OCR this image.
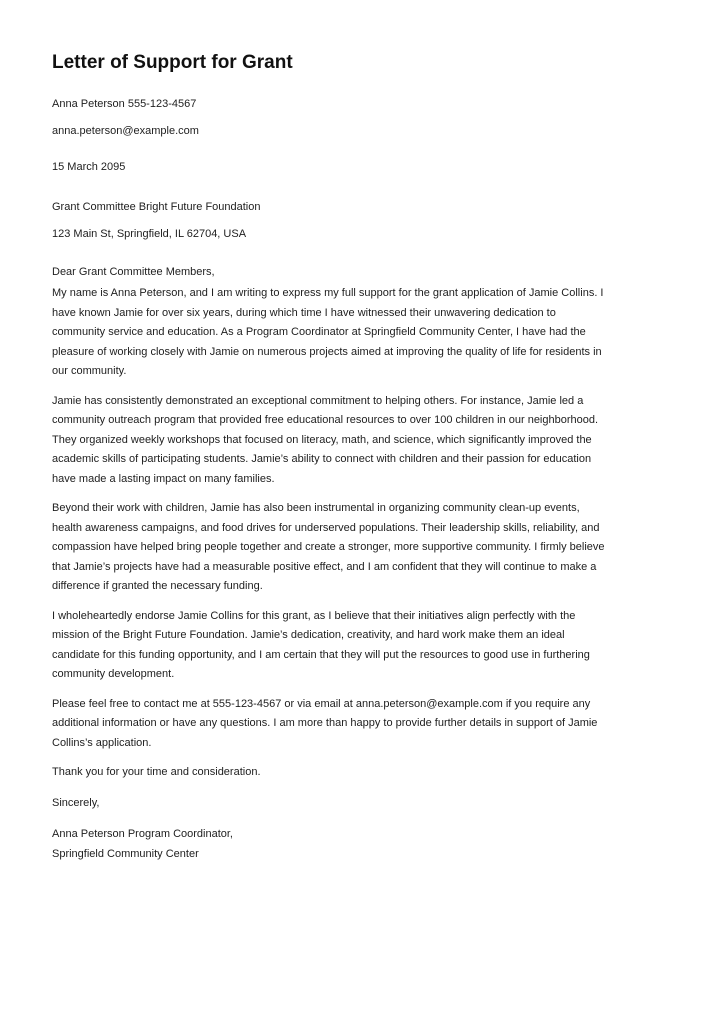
Letter of Support for Grant

Anna Peterson 555-123-4567

anna.peterson@example.com

15 March 2095

Grant Committee Bright Future Foundation

123 Main St, Springfield, IL 62704, USA

Dear Grant Committee Members,

My name is Anna Peterson, and I am writing to express my full support for the grant application of Jamie Collins. I
have known Jamie for over six years, during which time I have witnessed their unwavering dedication to
community service and education. As a Program Coordinator at Springfield Community Center, I have had the
pleasure of working closely with Jamie on numerous projects aimed at improving the quality of life for residents in
our community.
Jamie has consistently demonstrated an exceptional commitment to helping others. For instance, Jamie led a
community outreach program that provided free educational resources to over 100 children in our neighborhood.
They organized weekly workshops that focused on literacy, math, and science, which significantly improved the
academic skills of participating students. Jamie’s ability to connect with children and their passion for education
have made a lasting impact on many families.
Beyond their work with children, Jamie has also been instrumental in organizing community clean-up events,
health awareness campaigns, and food drives for underserved populations. Their leadership skills, reliability, and
compassion have helped bring people together and create a stronger, more supportive community. I firmly believe
that Jamie’s projects have had a measurable positive effect, and I am confident that they will continue to make a
difference if granted the necessary funding.
I wholeheartedly endorse Jamie Collins for this grant, as I believe that their initiatives align perfectly with the
mission of the Bright Future Foundation. Jamie’s dedication, creativity, and hard work make them an ideal
candidate for this funding opportunity, and I am certain that they will put the resources to good use in furthering
community development.
Please feel free to contact me at 555-123-4567 or via email at anna.peterson@example.com if you require any
additional information or have any questions. I am more than happy to provide further details in support of Jamie
Collins’s application.

Thank you for your time and consideration.

Sincerely,

Anna Peterson Program Coordinator,
Springfield Community Center
